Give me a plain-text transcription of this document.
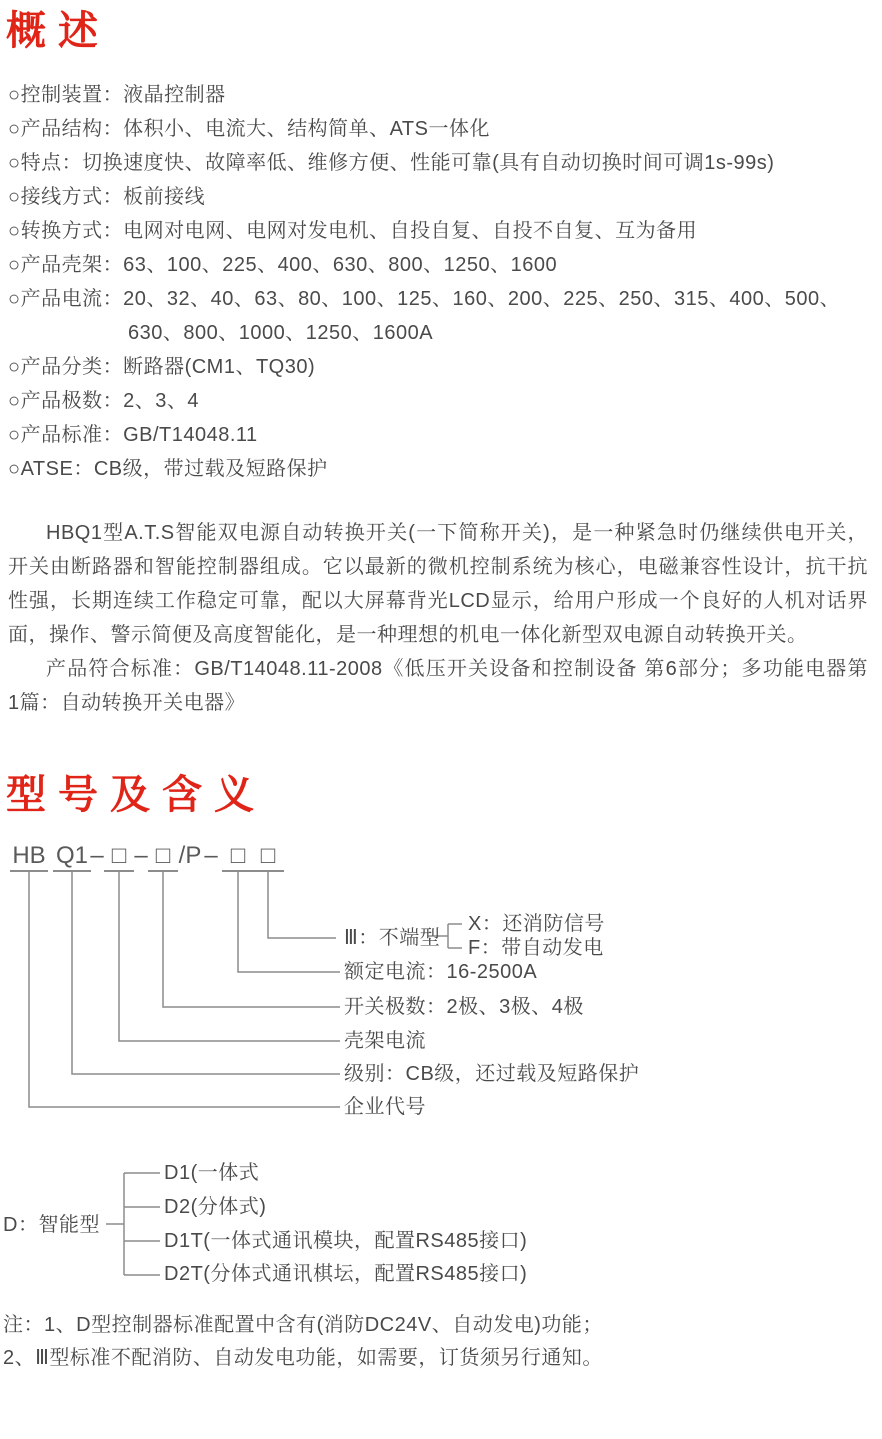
概述
○控制装置：液晶控制器
○产品结构：体积小、电流大、结构简单、ATS一体化
○特点：切换速度快、故障率低、维修方便、性能可靠(具有自动切换时间可调1s-99s)
○接线方式：板前接线
○转换方式：电网对电网、电网对发电机、自投自复、自投不自复、互为备用
○产品壳架：63、100、225、400、630、800、1250、1600
○产品电流：20、32、40、63、80、100、125、160、200、225、250、315、400、500、
630、800、1000、1250、1600A
○产品分类：断路器(CM1、TQ30)
○产品极数：2、3、4
○产品标准：GB/T14048.11
○ATSE：CB级，带过载及短路保护
HBQ1型A.T.S智能双电源自动转换开关(一下简称开关)，是一种紧急时仍继续供电开关，
开关由断路器和智能控制器组成。它以最新的微机控制系统为核心，电磁兼容性设计，抗干抗
性强，长期连续工作稳定可靠，配以大屏幕背光LCD显示，给用户形成一个良好的人机对话界
面，操作、警示简便及高度智能化，是一种理想的机电一体化新型双电源自动转换开关。
产品符合标准：GB/T14048.11-2008《低压开关设备和控制设备 第6部分；多功能电器第
1篇：自动转换开关电器》
型号及含义
HB Q1 – □ – □ /P – □ □
Ⅲ：不端型
X：还消防信号
F：带自动发电
额定电流：16-2500A
开关极数：2极、3极、4极
壳架电流
级别：CB级，还过载及短路保护
企业代号
D：智能型
D1(一体式
D2(分体式)
D1T(一体式通讯模块，配置RS485接口)
D2T(分体式通讯棋坛，配置RS485接口)
注：1、D型控制器标准配置中含有(消防DC24V、自动发电)功能；
2、Ⅲ型标准不配消防、自动发电功能，如需要，订货须另行通知。
